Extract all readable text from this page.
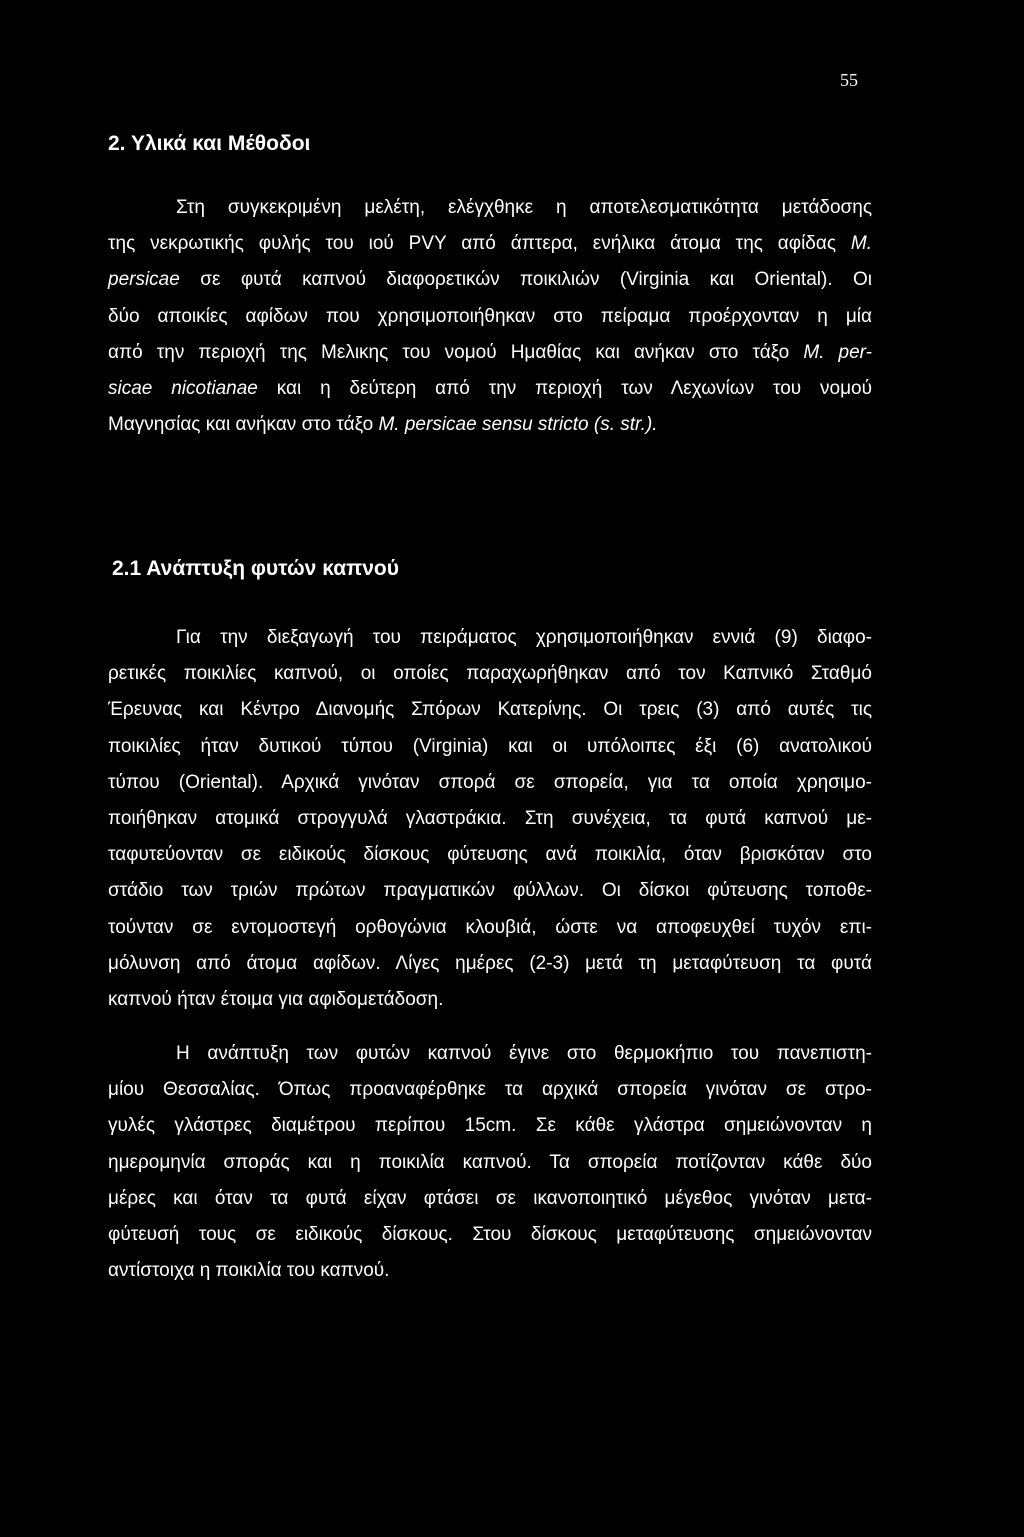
55
2. Υλικά και Μέθοδοι
Στη συγκεκριμένη μελέτη, ελέγχθηκε η αποτελεσματικότητα μετάδοσης
της νεκρωτικής φυλής του ιού PVY από άπτερα, ενήλικα άτομα της αφίδας M.
persicae σε φυτά καπνού διαφορετικών ποικιλιών (Virginia και Oriental). Οι
δύο αποικίες αφίδων που χρησιμοποιήθηκαν στο πείραμα προέρχονταν η μία
από την περιοχή της Μελικης του νομού Ημαθίας και ανήκαν στο τάξο M. per-
sicae nicotianae και η δεύτερη από την περιοχή των Λεχωνίων του νομού
Μαγνησίας και ανήκαν στο τάξο M. persicae sensu stricto (s. str.).
2.1 Ανάπτυξη φυτών καπνού
Για την διεξαγωγή του πειράματος χρησιμοποιήθηκαν εννιά (9) διαφο-
ρετικές ποικιλίες καπνού, οι οποίες παραχωρήθηκαν από τον Καπνικό Σταθμό
Έρευνας και Κέντρο Διανομής Σπόρων Κατερίνης. Οι τρεις (3) από αυτές τις
ποικιλίες ήταν δυτικού τύπου (Virginia) και οι υπόλοιπες έξι (6) ανατολικού
τύπου (Oriental). Αρχικά γινόταν σπορά σε σπορεία, για τα οποία χρησιμο-
ποιήθηκαν ατομικά στρογγυλά γλαστράκια. Στη συνέχεια, τα φυτά καπνού με-
ταφυτεύονταν σε ειδικούς δίσκους φύτευσης ανά ποικιλία, όταν βρισκόταν στο
στάδιο των τριών πρώτων πραγματικών φύλλων. Οι δίσκοι φύτευσης τοποθε-
τούνταν σε εντομοστεγή ορθογώνια κλουβιά, ώστε να αποφευχθεί τυχόν επι-
μόλυνση από άτομα αφίδων. Λίγες ημέρες (2-3) μετά τη μεταφύτευση τα φυτά
καπνού ήταν έτοιμα για αφιδομετάδοση.
Η ανάπτυξη των φυτών καπνού έγινε στο θερμοκήπιο του πανεπιστη-
μίου Θεσσαλίας. Όπως προαναφέρθηκε τα αρχικά σπορεία γινόταν σε στρο-
γυλές γλάστρες διαμέτρου περίπου 15cm. Σε κάθε γλάστρα σημειώνονταν η
ημερομηνία σποράς και η ποικιλία καπνού. Τα σπορεία ποτίζονταν κάθε δύο
μέρες και όταν τα φυτά είχαν φτάσει σε ικανοποιητικό μέγεθος γινόταν μετα-
φύτευσή τους σε ειδικούς δίσκους. Στου δίσκους μεταφύτευσης σημειώνονταν
αντίστοιχα η ποικιλία του καπνού.
